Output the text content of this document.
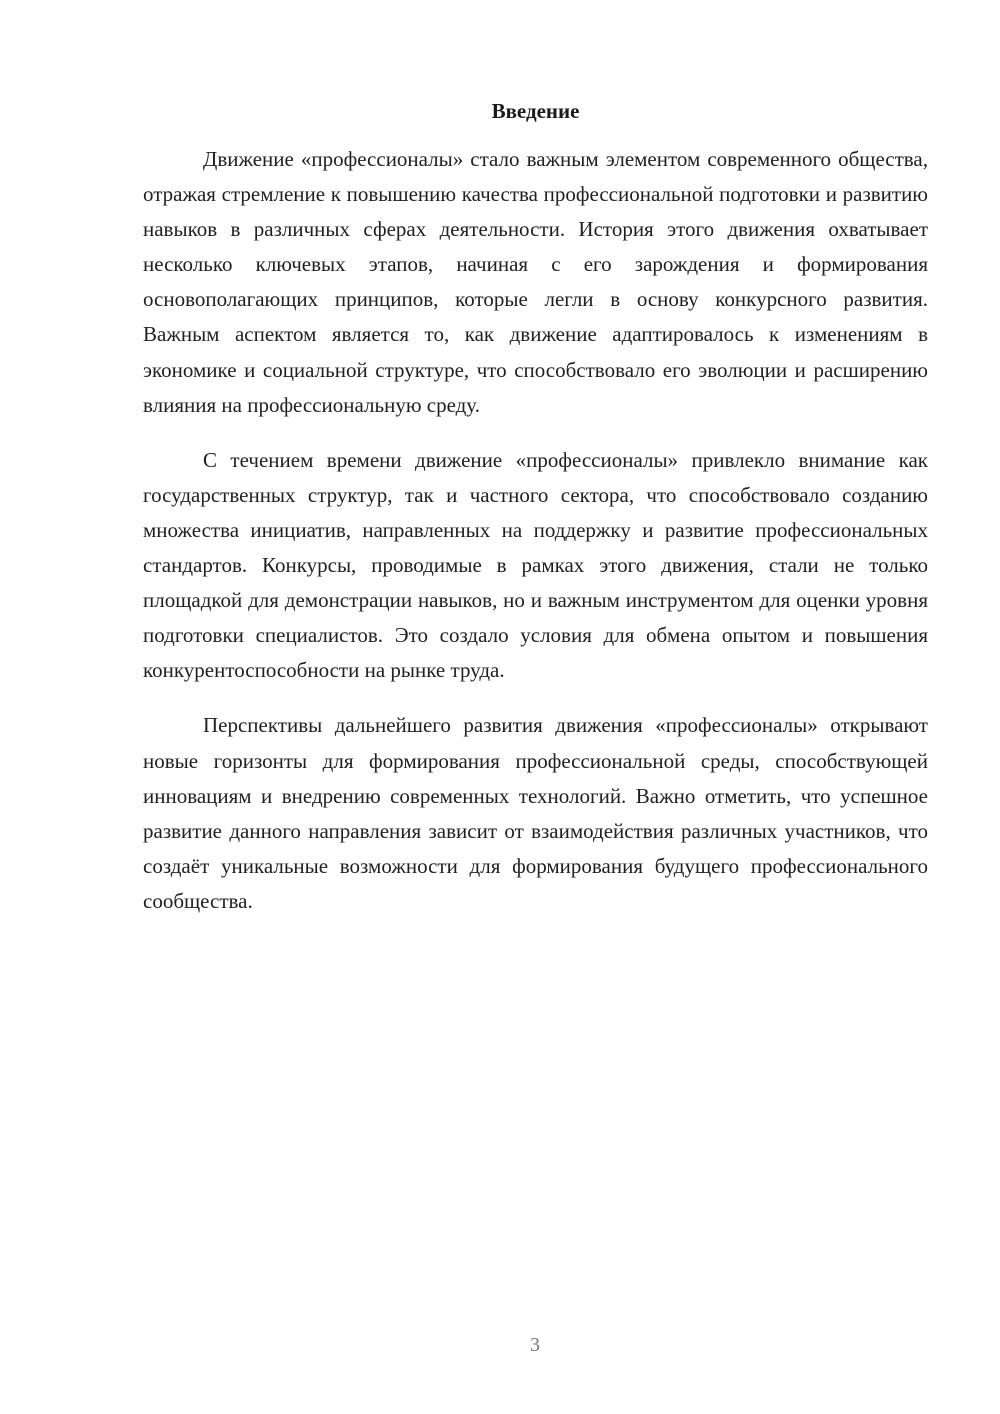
Введение

Движение «профессионалы» стало важным элементом современного общества, отражая стремление к повышению качества профессиональной подготовки и развитию навыков в различных сферах деятельности. История этого движения охватывает несколько ключевых этапов, начиная с его зарождения и формирования основополагающих принципов, которые легли в основу конкурсного развития. Важным аспектом является то, как движение адаптировалось к изменениям в экономике и социальной структуре, что способствовало его эволюции и расширению влияния на профессиональную среду.

С течением времени движение «профессионалы» привлекло внимание как государственных структур, так и частного сектора, что способствовало созданию множества инициатив, направленных на поддержку и развитие профессиональных стандартов. Конкурсы, проводимые в рамках этого движения, стали не только площадкой для демонстрации навыков, но и важным инструментом для оценки уровня подготовки специалистов. Это создало условия для обмена опытом и повышения конкурентоспособности на рынке труда.

Перспективы дальнейшего развития движения «профессионалы» открывают новые горизонты для формирования профессиональной среды, способствующей инновациям и внедрению современных технологий. Важно отметить, что успешное развитие данного направления зависит от взаимодействия различных участников, что создаёт уникальные возможности для формирования будущего профессионального сообщества.

3
